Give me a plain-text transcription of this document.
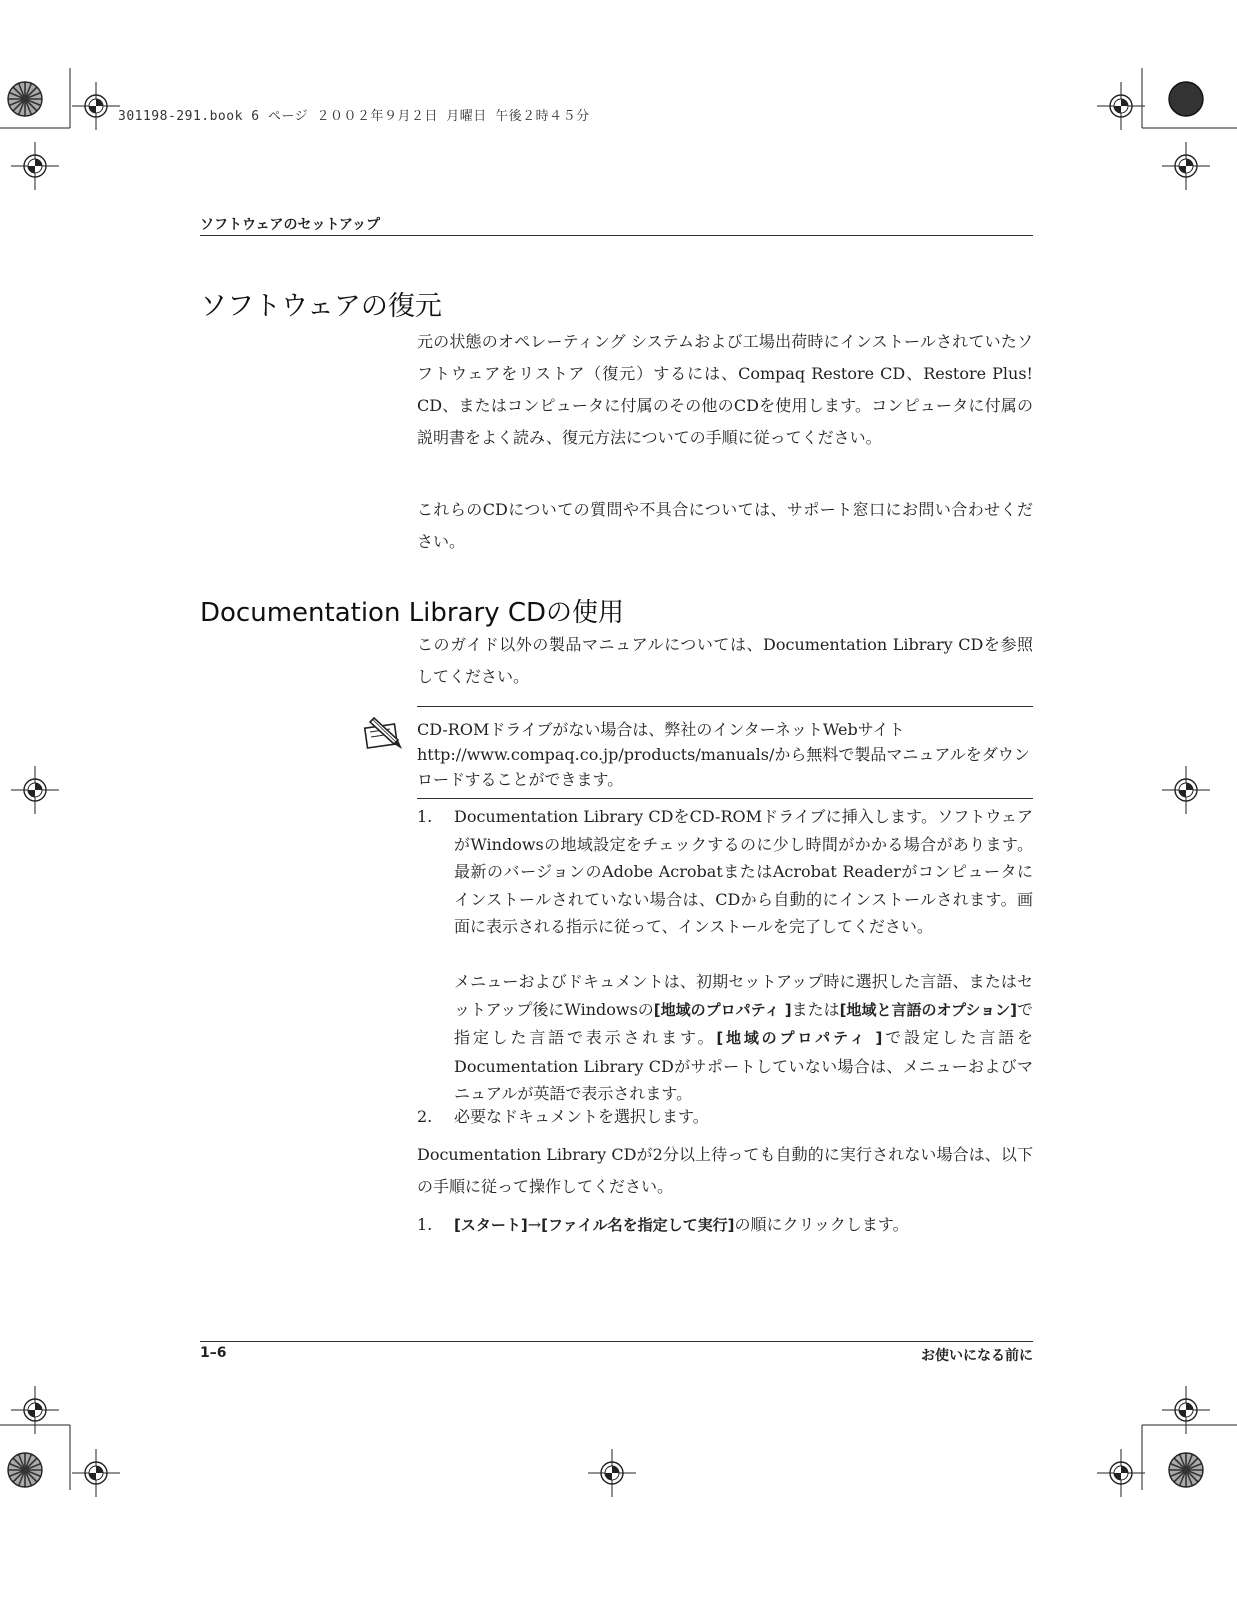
301198-291.book 6 ページ ２００２年９月２日 月曜日 午後２時４５分
ソフトウェアのセットアップ
ソフトウェアの復元

元の状態のオペレーティング システムおよび工場出荷時にインストールされていたソフトウェアをリストア（復元）するには、Compaq Restore CD、Restore Plus! CD、またはコンピュータに付属のその他のCDを使用します。コンピュータに付属の説明書をよく読み、復元方法についての手順に従ってください。

これらのCDについての質問や不具合については、サポート窓口にお問い合わせください。

Documentation Library CDの使用

このガイド以外の製品マニュアルについては、Documentation Library CDを参照してください。

CD-ROMドライブがない場合は、弊社のインターネットWebサイト
http://www.compaq.co.jp/products/manuals/から無料で製品マニュアルをダウンロードすることができます。
1. Documentation Library CDをCD-ROMドライブに挿入します。ソフトウェアがWindowsの地域設定をチェックするのに少し時間がかかる場合があります。最新のバージョンのAdobe AcrobatまたはAcrobat Readerがコンピュータにインストールされていない場合は、CDから自動的にインストールされます。画面に表示される指示に従って、インストールを完了してください。
メニューおよびドキュメントは、初期セットアップ時に選択した言語、またはセットアップ後にWindowsの[地域のプロパティ ]または[地域と言語のオプション]で指定した言語で表示されます。[地域のプロパティ ]で設定した言語をDocumentation Library CDがサポートしていない場合は、メニューおよびマニュアルが英語で表示されます。
2. 必要なドキュメントを選択します。

Documentation Library CDが2分以上待っても自動的に実行されない場合は、以下の手順に従って操作してください。

1. [スタート]→[ファイル名を指定して実行]の順にクリックします。
1–6	お使いになる前に
